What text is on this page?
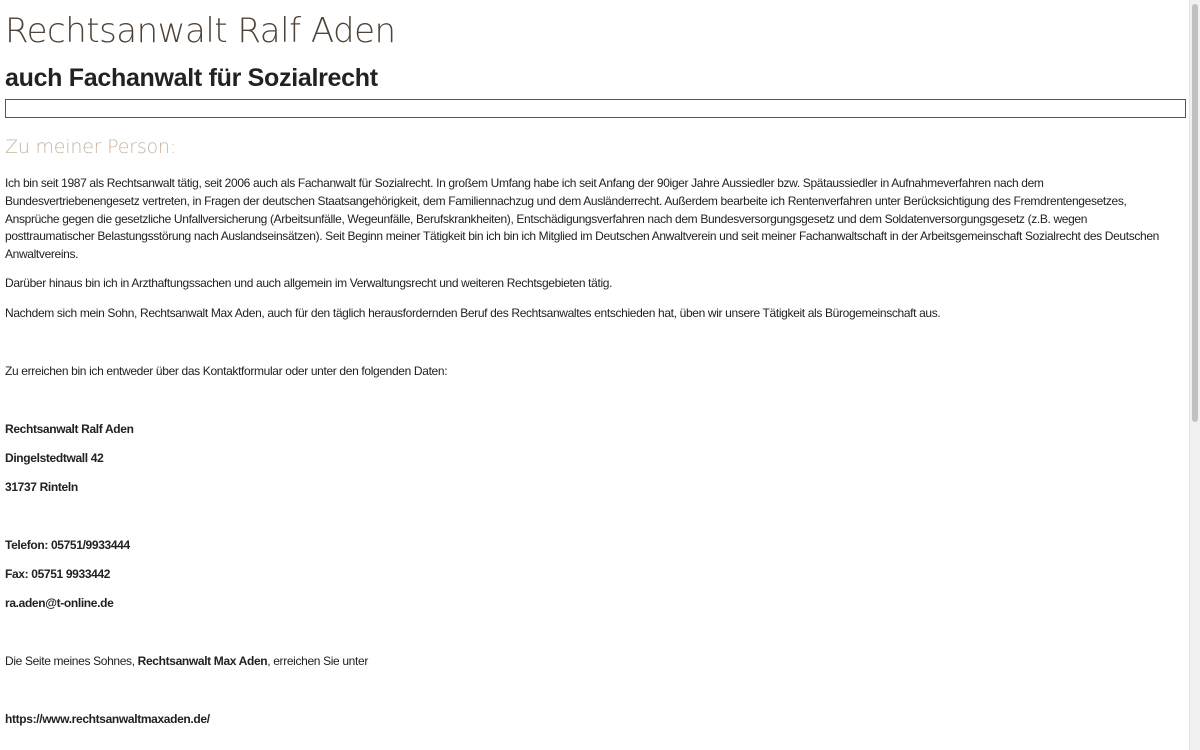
Rechtsanwalt Ralf Aden
auch Fachanwalt für Sozialrecht
Zu meiner Person:

Ich bin seit 1987 als Rechtsanwalt tätig, seit 2006 auch als Fachanwalt für Sozialrecht. In großem Umfang habe ich seit Anfang der 90iger Jahre Aussiedler bzw. Spätaussiedler in Aufnahmeverfahren nach dem Bundesvertriebenengesetz vertreten, in Fragen der deutschen Staatsangehörigkeit, dem Familiennachzug und dem Ausländerrecht. Außerdem bearbeite ich Rentenverfahren unter Berücksichtigung des Fremdrentengesetzes, Ansprüche gegen die gesetzliche Unfallversicherung (Arbeitsunfälle, Wegeunfälle, Berufskrankheiten), Entschädigungsverfahren nach dem Bundesversorgungsgesetz und dem Soldatenversorgungsgesetz (z.B. wegen posttraumatischer Belastungsstörung nach Auslandseinsätzen). Seit Beginn meiner Tätigkeit bin ich bin ich Mitglied im Deutschen Anwaltverein und seit meiner Fachanwaltschaft in der Arbeitsgemeinschaft Sozialrecht des Deutschen Anwaltvereins.

Darüber hinaus bin ich in Arzthaftungssachen und auch allgemein im Verwaltungsrecht und weiteren Rechtsgebieten tätig.

Nachdem sich mein Sohn, Rechtsanwalt Max Aden, auch für den täglich herausfordernden Beruf des Rechtsanwaltes entschieden hat, üben wir unsere Tätigkeit als Bürogemeinschaft aus.

Zu erreichen bin ich entweder über das Kontaktformular oder unter den folgenden Daten:

Rechtsanwalt Ralf Aden

Dingelstedtwall 42

31737 Rinteln

Telefon: 05751/9933444

Fax: 05751 9933442

ra.aden@t-online.de

Die Seite meines Sohnes, Rechtsanwalt Max Aden, erreichen Sie unter

https://www.rechtsanwaltmaxaden.de/
